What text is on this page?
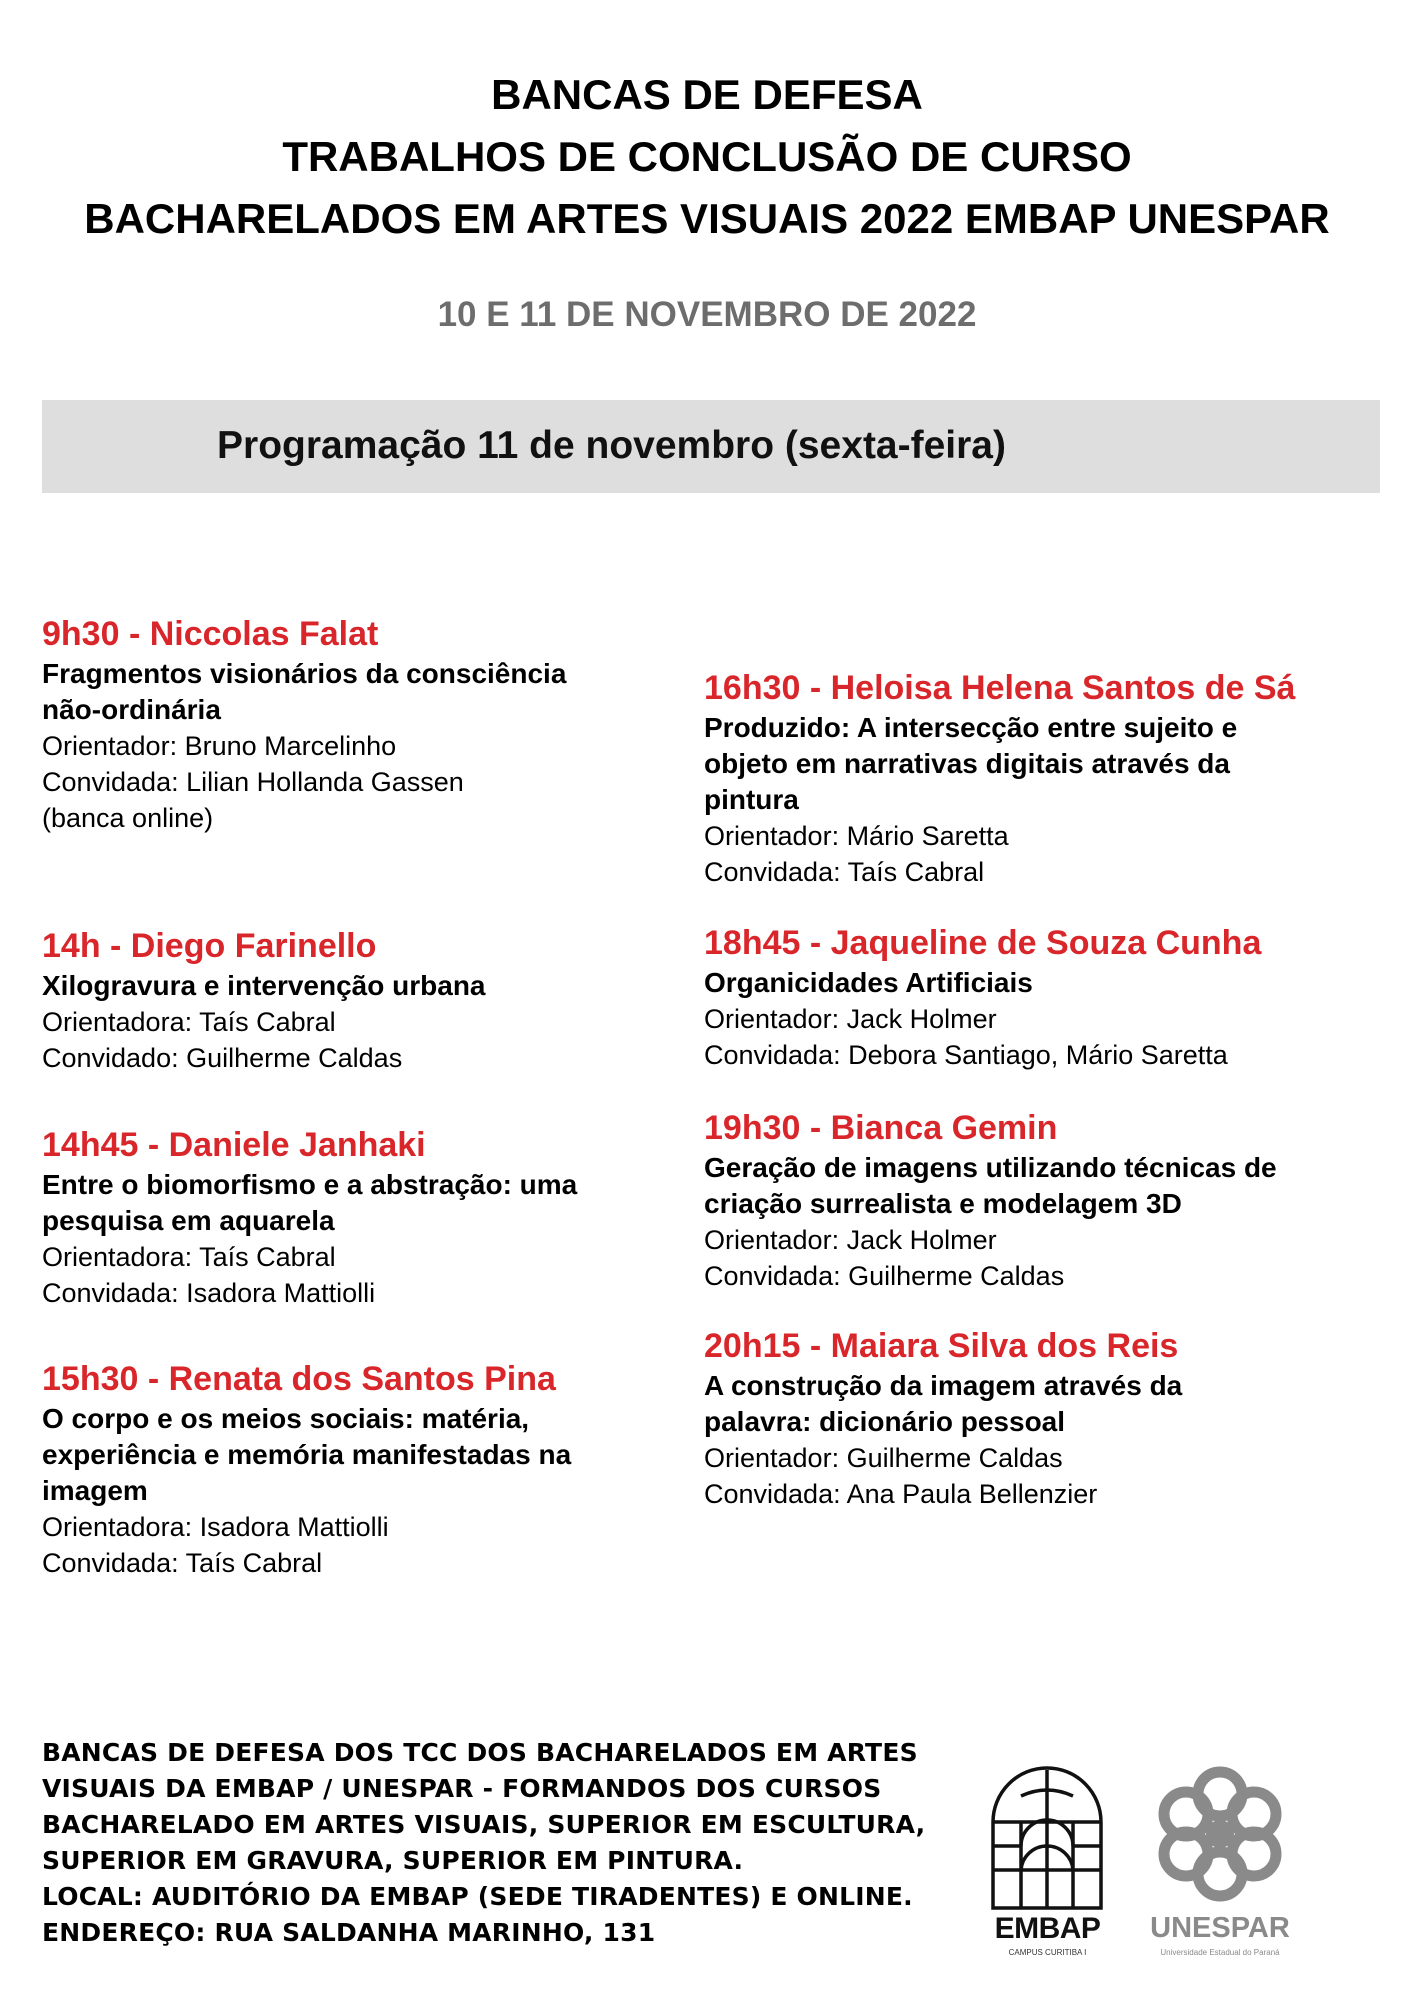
BANCAS DE DEFESA
TRABALHOS DE CONCLUSÃO DE CURSO
BACHARELADOS EM ARTES VISUAIS 2022 EMBAP UNESPAR
10 E 11 DE NOVEMBRO DE 2022
Programação 11 de novembro (sexta-feira)
9h30 - Niccolas Falat
Fragmentos visionários da consciência
não-ordinária
Orientador: Bruno Marcelinho
Convidada: Lilian Hollanda Gassen
(banca online)
14h - Diego Farinello
Xilogravura e intervenção urbana
Orientadora: Taís Cabral
Convidado: Guilherme Caldas
14h45 - Daniele Janhaki
Entre o biomorfismo e a abstração: uma
pesquisa em aquarela
Orientadora: Taís Cabral
Convidada: Isadora Mattiolli
15h30 - Renata dos Santos Pina
O corpo e os meios sociais: matéria,
experiência e memória manifestadas na
imagem
Orientadora: Isadora Mattiolli
Convidada: Taís Cabral
16h30 - Heloisa Helena Santos de Sá
Produzido: A intersecção entre sujeito e
objeto em narrativas digitais através da
pintura
Orientador: Mário Saretta
Convidada: Taís Cabral
18h45 - Jaqueline de Souza Cunha
Organicidades Artificiais
Orientador: Jack Holmer
Convidada: Debora Santiago, Mário Saretta
19h30 - Bianca Gemin
Geração de imagens utilizando técnicas de
criação surrealista e modelagem 3D
Orientador: Jack Holmer
Convidada: Guilherme Caldas
20h15 - Maiara Silva dos Reis
A construção da imagem através da
palavra: dicionário pessoal
Orientador: Guilherme Caldas
Convidada: Ana Paula Bellenzier
BANCAS DE DEFESA DOS TCC DOS BACHARELADOS EM ARTES
VISUAIS DA EMBAP / UNESPAR - FORMANDOS DOS CURSOS
BACHARELADO EM ARTES VISUAIS, SUPERIOR EM ESCULTURA,
SUPERIOR EM GRAVURA, SUPERIOR EM PINTURA.
LOCAL: AUDITÓRIO DA EMBAP (SEDE TIRADENTES) E ONLINE.
ENDEREÇO: RUA SALDANHA MARINHO, 131	EMBAP
CAMPUS CURITIBA I
UNESPAR
Universidade Estadual do Paraná
